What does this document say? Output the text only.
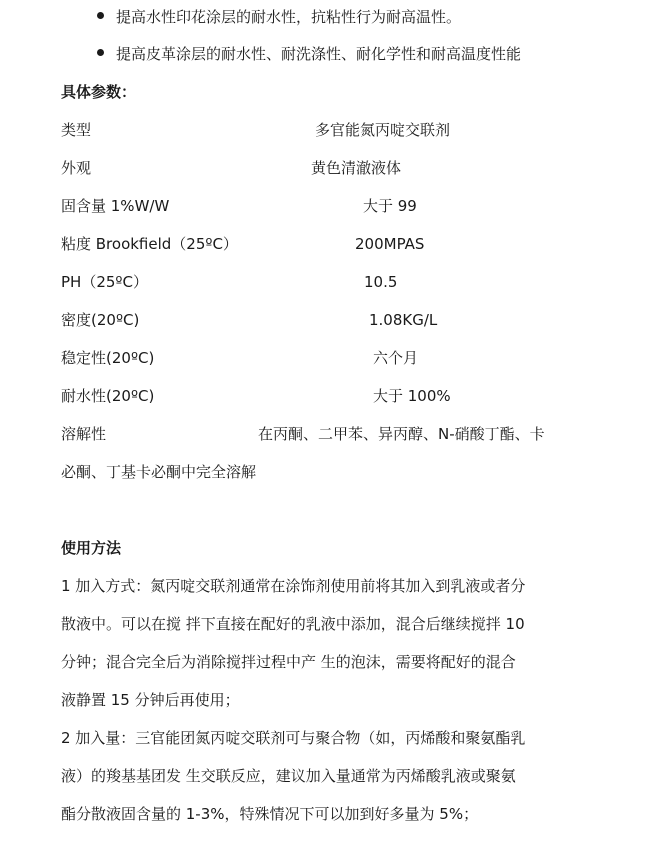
提高水性印花涂层的耐水性，抗粘性行为耐高温性。
提高皮革涂层的耐水性、耐洗涤性、耐化学性和耐高温度性能
具体参数：
类型	多官能氮丙啶交联剂
外观	黄色清澈液体
固含量 1%W/W	大于 99
粘度 Brookfield（25ºC）	200MPAS
PH（25ºC）	10.5
密度(20ºC)	1.08KG/L
稳定性(20ºC)	六个月
耐水性(20ºC)	大于 100%
溶解性	在丙酮、二甲苯、异丙醇、N-硝酸丁酯、卡
必酮、丁基卡必酮中完全溶解
使用方法
1 加入方式：氮丙啶交联剂通常在涂饰剂使用前将其加入到乳液或者分
散液中。可以在搅 拌下直接在配好的乳液中添加，混合后继续搅拌 10
分钟；混合完全后为消除搅拌过程中产 生的泡沫，需要将配好的混合
液静置 15 分钟后再使用；
2 加入量：三官能团氮丙啶交联剂可与聚合物（如，丙烯酸和聚氨酯乳
液）的羧基基团发 生交联反应，建议加入量通常为丙烯酸乳液或聚氨
酯分散液固含量的 1-3%，特殊情况下可以加到好多量为 5%；
